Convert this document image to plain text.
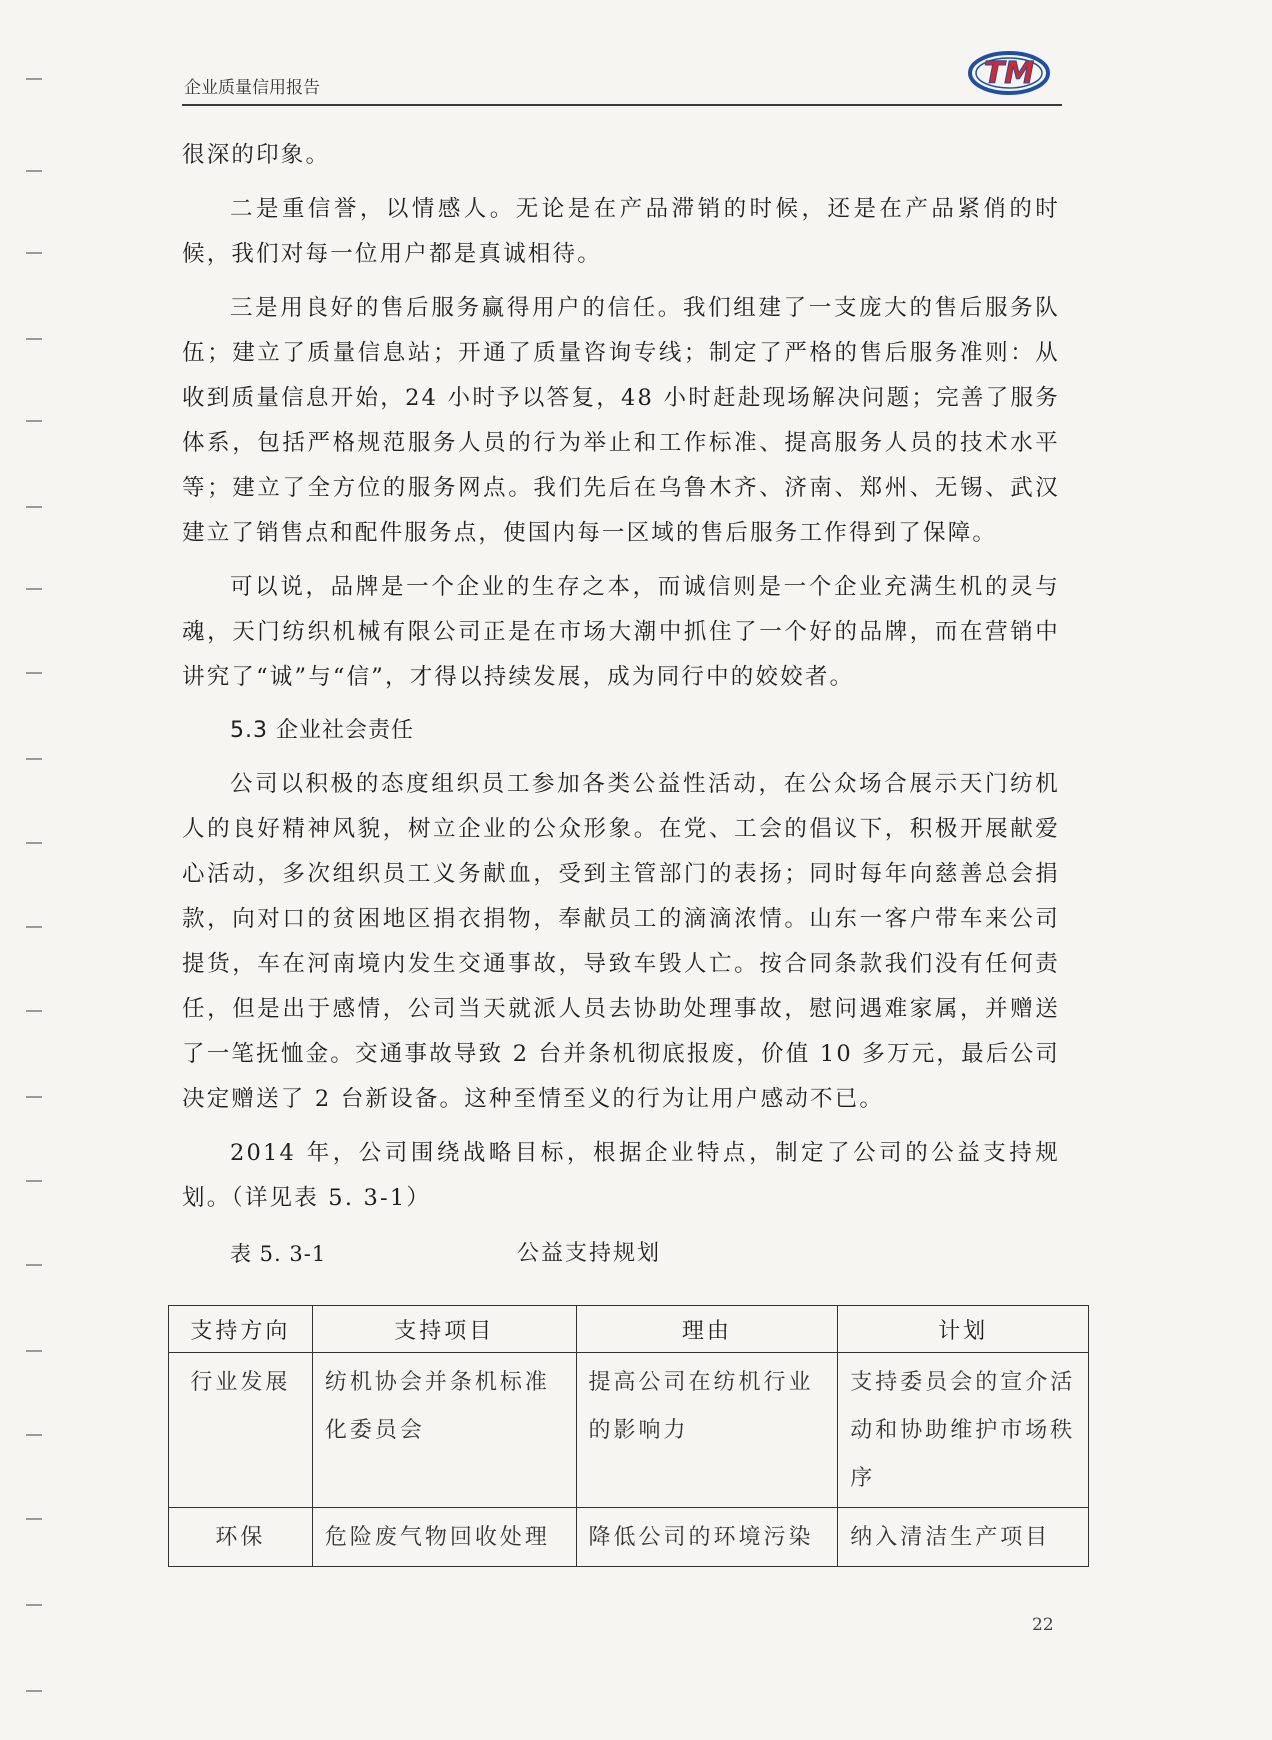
企业质量信用报告	TM

很深的印象。

二是重信誉，以情感人。无论是在产品滞销的时候，还是在产品紧俏的时候，我们对每一位用户都是真诚相待。

三是用良好的售后服务赢得用户的信任。我们组建了一支庞大的售后服务队伍；建立了质量信息站；开通了质量咨询专线；制定了严格的售后服务准则：从收到质量信息开始，24 小时予以答复，48 小时赶赴现场解决问题；完善了服务体系，包括严格规范服务人员的行为举止和工作标准、提高服务人员的技术水平等；建立了全方位的服务网点。我们先后在乌鲁木齐、济南、郑州、无锡、武汉建立了销售点和配件服务点，使国内每一区域的售后服务工作得到了保障。

可以说，品牌是一个企业的生存之本，而诚信则是一个企业充满生机的灵与魂，天门纺织机械有限公司正是在市场大潮中抓住了一个好的品牌，而在营销中讲究了“诚”与“信”，才得以持续发展，成为同行中的姣姣者。

5.3 企业社会责任

公司以积极的态度组织员工参加各类公益性活动，在公众场合展示天门纺机人的良好精神风貌，树立企业的公众形象。在党、工会的倡议下，积极开展献爱心活动，多次组织员工义务献血，受到主管部门的表扬；同时每年向慈善总会捐款，向对口的贫困地区捐衣捐物，奉献员工的滴滴浓情。山东一客户带车来公司提货，车在河南境内发生交通事故，导致车毁人亡。按合同条款我们没有任何责任，但是出于感情，公司当天就派人员去协助处理事故，慰问遇难家属，并赠送了一笔抚恤金。交通事故导致 2 台并条机彻底报废，价值 10 多万元，最后公司决定赠送了 2 台新设备。这种至情至义的行为让用户感动不已。

2014 年，公司围绕战略目标，根据企业特点，制定了公司的公益支持规划。（详见表 5. 3-1）

表 5. 3-1	公益支持规划
支持方向	支持项目	理由	计划
行业发展	纺机协会并条机标准化委员会	提高公司在纺机行业的影响力	支持委员会的宣介活动和协助维护市场秩序
环保	危险废气物回收处理	降低公司的环境污染	纳入清洁生产项目
22
